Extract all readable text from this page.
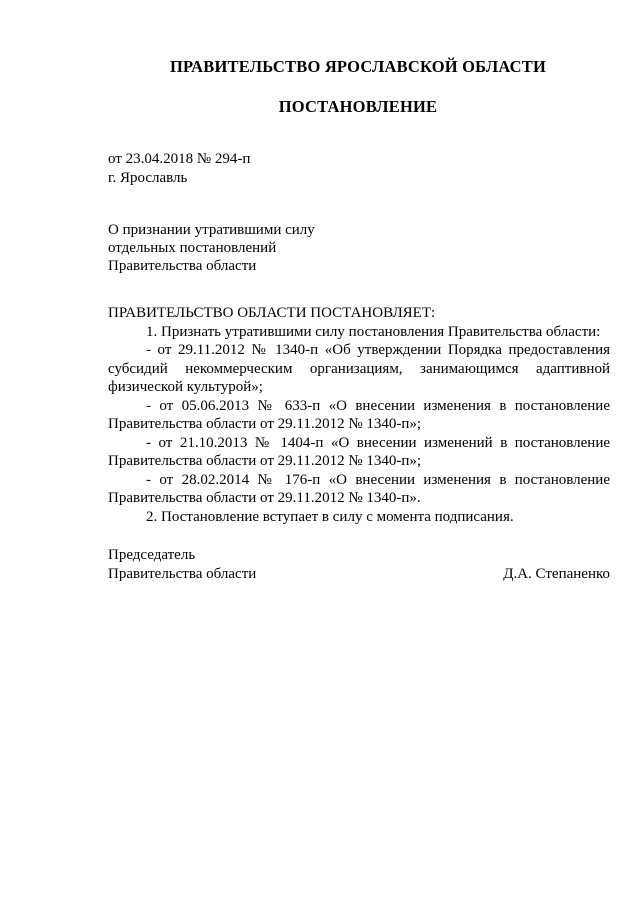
ПРАВИТЕЛЬСТВО ЯРОСЛАВСКОЙ ОБЛАСТИ
ПОСТАНОВЛЕНИЕ
от 23.04.2018 № 294-п
г. Ярославль
О признании утратившими силу
отдельных постановлений
Правительства области

ПРАВИТЕЛЬСТВО ОБЛАСТИ ПОСТАНОВЛЯЕТ:

1. Признать утратившими силу постановления Правительства области:

- от 29.11.2012 № 1340-п «Об утверждении Порядка предоставления субсидий некоммерческим организациям, занимающимся адаптивной физической культурой»;

- от 05.06.2013 № 633-п «О внесении изменения в постановление Правительства области от 29.11.2012 № 1340-п»;

- от 21.10.2013 № 1404-п «О внесении изменений в постановление Правительства области от 29.11.2012 № 1340-п»;

- от 28.02.2014 № 176-п «О внесении изменения в постановление Правительства области от 29.11.2012 № 1340-п».

2. Постановление вступает в силу с момента подписания.

Председатель
Правительства области	Д.А. Степаненко
